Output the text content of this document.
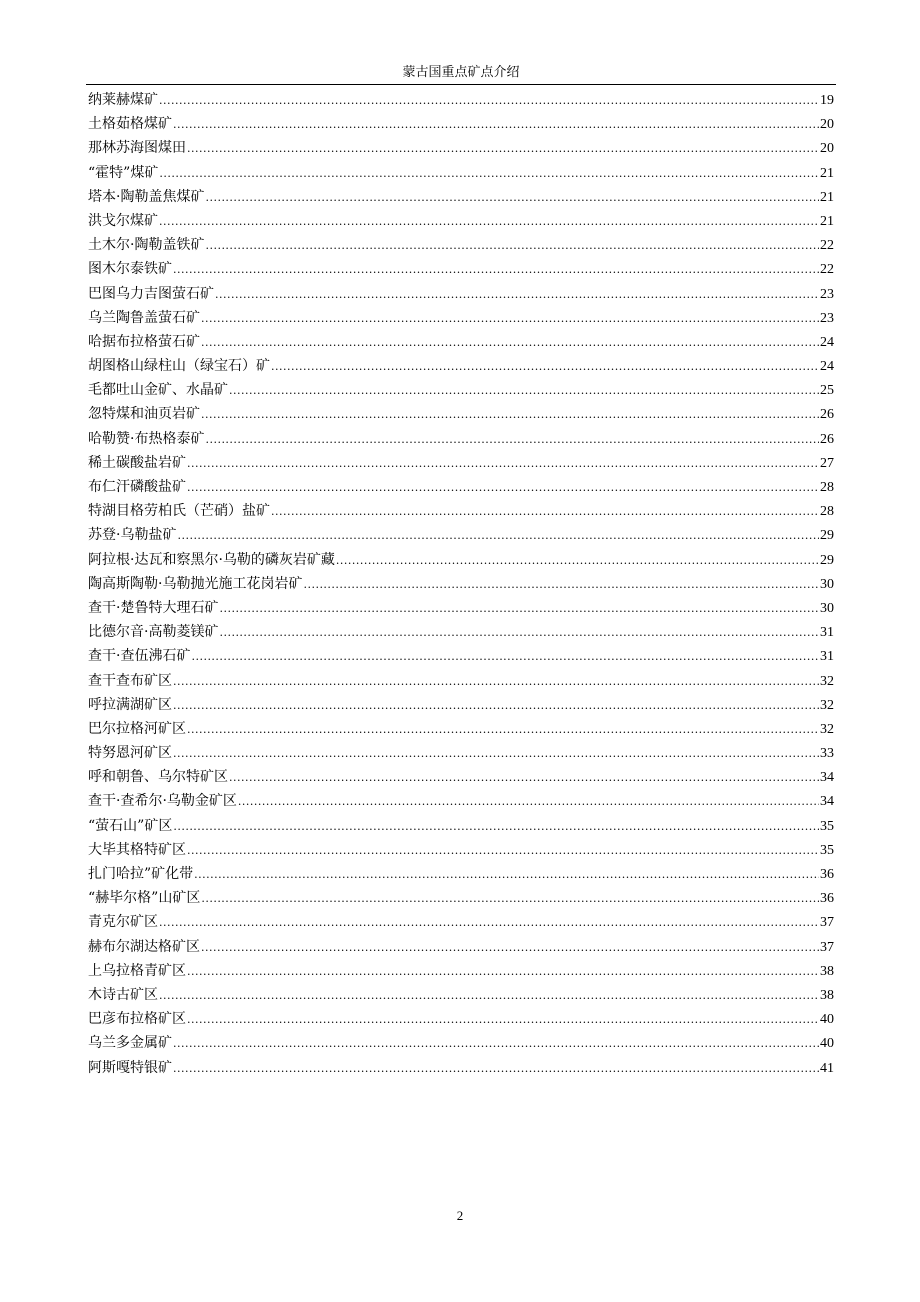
蒙古国重点矿点介绍
纳莱赫煤矿 .....	19
土格茹格煤矿 .....	20
那林苏海图煤田 .....	20
“霍特”煤矿 .....	21
塔本·陶勒盖焦煤矿 .....	21
洪戈尔煤矿 .....	21
土木尔·陶勒盖铁矿 .....	22
图木尔泰铁矿 .....	22
巴图乌力吉图萤石矿 .....	23
乌兰陶鲁盖萤石矿 .....	23
哈据布拉格萤石矿 .....	24
胡图格山绿柱山（绿宝石）矿 .....	24
毛都吐山金矿、水晶矿 .....	25
忽特煤和油页岩矿 .....	26
哈勒赞·布热格泰矿 .....	26
稀土碳酸盐岩矿 .....	27
布仁汗磷酸盐矿 .....	28
特湖目格劳柏氏（芒硝）盐矿 .....	28
苏登·乌勒盐矿 .....	29
阿拉根·达瓦和察黑尔·乌勒的磷灰岩矿藏 .....	29
陶高斯陶勒·乌勒抛光施工花岗岩矿 .....	30
查干·楚鲁特大理石矿 .....	30
比德尔音·高勒菱镁矿 .....	31
查干·查伍沸石矿 .....	31
查干查布矿区 .....	32
呼拉满湖矿区 .....	32
巴尔拉格河矿区 .....	32
特努恩河矿区 .....	33
呼和朝鲁、乌尔特矿区 .....	34
查干·查希尔·乌勒金矿区 .....	34
“萤石山”矿区 .....	35
大毕其格特矿区 .....	35
扎门哈拉”矿化带 .....	36
“赫毕尔格”山矿区 .....	36
青克尔矿区 .....	37
赫布尔湖达格矿区 .....	37
上乌拉格青矿区 .....	38
木诗古矿区 .....	38
巴彦布拉格矿区 .....	40
乌兰多金属矿 .....	40
阿斯嘎特银矿 .....	41
2
